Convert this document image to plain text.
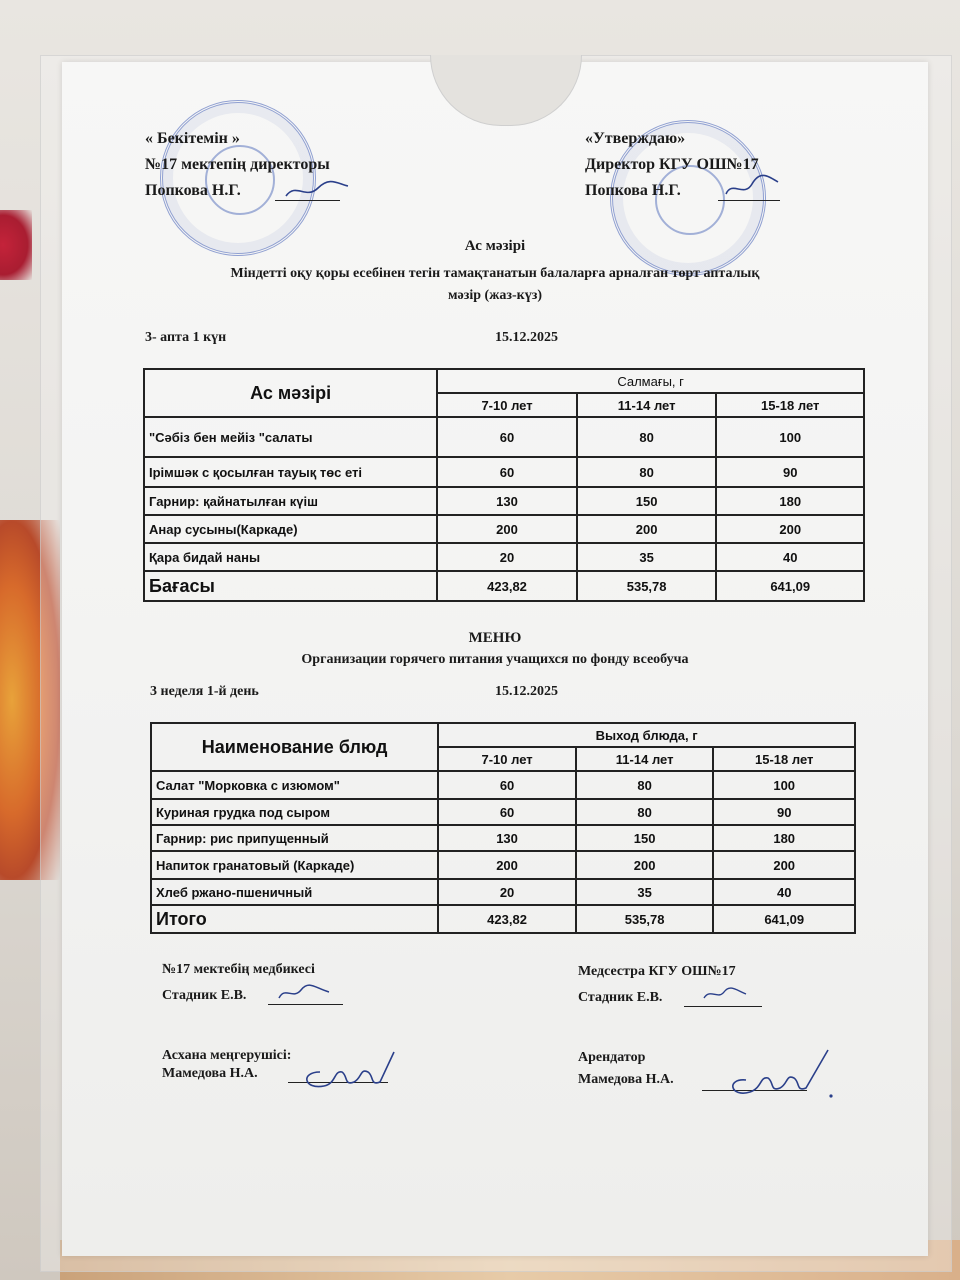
« Бекітемін »
№17 мектепің директоры
Попкова Н.Г.
«Утверждаю»
Директор КГУ ОШ№17
Попкова Н.Г.
Ас мәзірі
Міндетті оқу қоры есебінен тегін тамақтанатын балаларға арналған төрт апталық
мәзір (жаз-күз)
3- апта 1 күн	15.12.2025
Ас мәзірі	Салмағы, г		
	7-10 лет	11-14 лет	15-18 лет
"Сәбіз бен мейіз "салаты	60	80	100
Ірімшәк с қосылған тауық төс еті	60	80	90
Гарнир: қайнатылған күіш	130	150	180
Анар сусыны(Каркаде)	200	200	200
Қара бидай наны	20	35	40
Бағасы	423,82	535,78	641,09
МЕНЮ
Организации горячего питания учащихся по фонду всеобуча
3 неделя 1-й день	15.12.2025
Наименование блюд	Выход блюда, г		
	7-10 лет	11-14 лет	15-18 лет
Салат "Морковка с изюмом"	60	80	100
Куриная грудка под сыром	60	80	90
Гарнир: рис припущенный	130	150	180
Напиток гранатовый (Каркаде)	200	200	200
Хлеб ржано-пшеничный	20	35	40
Итого	423,82	535,78	641,09
№17 мектебің медбикесі
Стадник Е.В.
Медсестра КГУ ОШ№17
Стадник Е.В.
Асхана меңгерушісі:
Мамедова Н.А.
Арендатор
Мамедова Н.А.
